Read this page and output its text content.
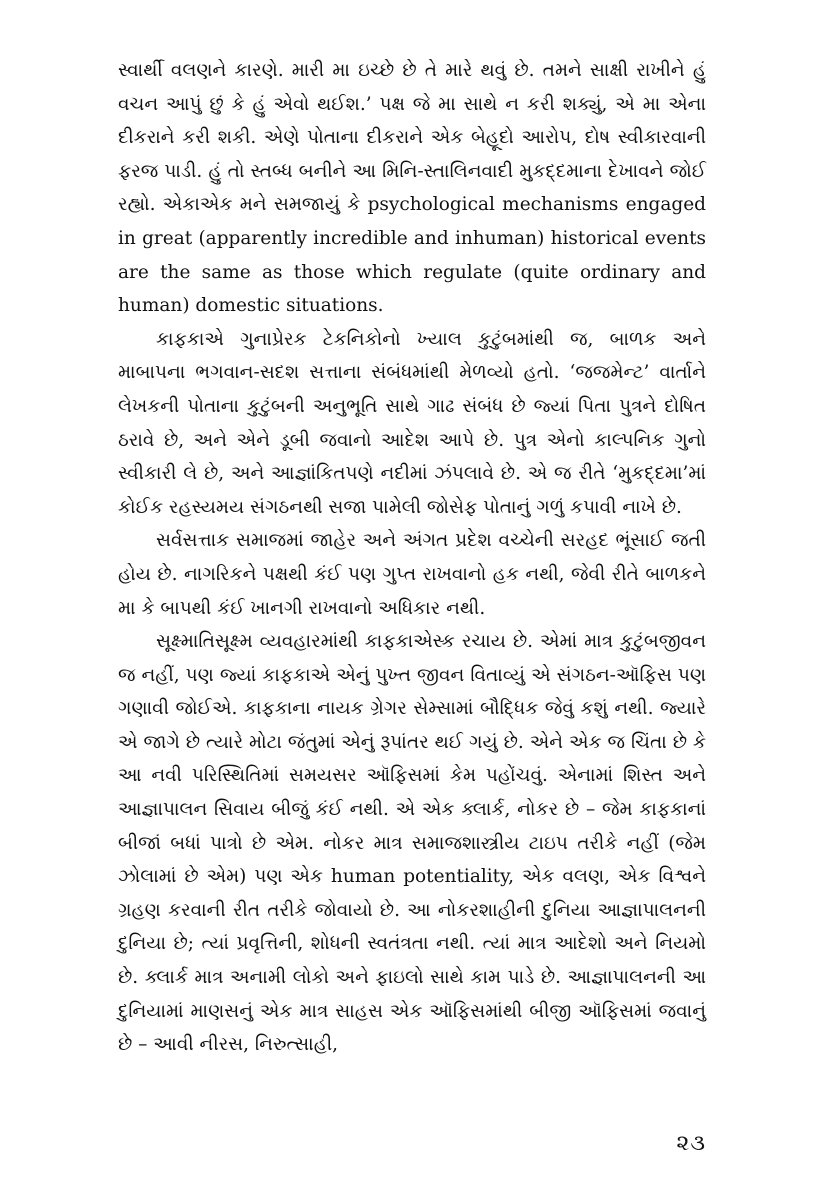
સ્વાર્થી વલણને કારણે. મારી મા ઇચ્છે છે તે મારે થવું છે. તમને સાક્ષી રાખીને હું વચન આપું છું કે હું એવો થઈશ.’ પક્ષ જે મા સાથે ન કરી શક્યું, એ મા એના દીકરાને કરી શકી. એણે પોતાના દીકરાને એક બેહૂદો આરોપ, દોષ સ્વીકારવાની ફરજ પાડી. હું તો સ્તબ્ધ બનીને આ મિનિ-સ્તાલિનવાદી મુકદ્દમાના દેખાવને જોઈ રહ્યો. એકાએક મને સમજાયું કે psychological mechanisms engaged in great (apparently incredible and inhuman) historical events are the same as those which regulate (quite ordinary and human) domestic situations.

કાફકાએ ગુનાપ્રેરક ટેકનિકોનો ખ્યાલ કુટુંબમાંથી જ, બાળક અને માબાપના ભગવાન-સદશ સત્તાના સંબંધમાંથી મેળવ્યો હતો. ‘જજમેન્ટ’ વાર્તાને લેખકની પોતાના કુટુંબની અનુભૂતિ સાથે ગાઢ સંબંધ છે જ્યાં પિતા પુત્રને દોષિત ઠરાવે છે, અને એને ડૂબી જવાનો આદેશ આપે છે. પુત્ર એનો કાલ્પનિક ગુનો સ્વીકારી લે છે, અને આજ્ઞાંકિતપણે નદીમાં ઝંપલાવે છે. એ જ રીતે ‘મુકદ્દમા’માં કોઈક રહસ્યમય સંગઠનથી સજા પામેલી જોસેફ પોતાનું ગળું કપાવી નાખે છે.

સર્વસત્તાક સમાજમાં જાહેર અને અંગત પ્રદેશ વચ્ચેની સરહદ ભૂંસાઈ જતી હોય છે. નાગરિકને પક્ષથી કંઈ પણ ગુપ્ત રાખવાનો હક નથી, જેવી રીતે બાળકને મા કે બાપથી કંઈ ખાનગી રાખવાનો અધિકાર નથી.

સૂક્ષ્માતિસૂક્ષ્મ વ્યવહારમાંથી કાફકાએસ્ક રચાય છે. એમાં માત્ર કુટુંબજીવન જ નહીં, પણ જ્યાં કાફકાએ એનું પુખ્ત જીવન વિતાવ્યું એ સંગઠન-ઑફિસ પણ ગણાવી જોઈએ. કાફકાના નાયક ગ્રેગર સેમ્સામાં બૌદ્ધિક જેવું કશું નથી. જ્યારે એ જાગે છે ત્યારે મોટા જંતુમાં એનું રૂપાંતર થઈ ગયું છે. એને એક જ ચિંતા છે કે આ નવી પરિસ્થિતિમાં સમયસર ઑફિસમાં કેમ પહોંચવું. એનામાં શિસ્ત અને આજ્ઞાપાલન સિવાય બીજું કંઈ નથી. એ એક ક્લાર્ક, નોકર છે – જેમ કાફકાનાં બીજાં બધાં પાત્રો છે એમ. નોકર માત્ર સમાજશાસ્ત્રીય ટાઇપ તરીકે નહીં (જેમ ઝોલામાં છે એમ) પણ એક human potentiality, એક વલણ, એક વિશ્વને ગ્રહણ કરવાની રીત તરીકે જોવાયો છે. આ નોકરશાહીની દુનિયા આજ્ઞાપાલનની દુનિયા છે; ત્યાં પ્રવૃત્તિની, શોધની સ્વતંત્રતા નથી. ત્યાં માત્ર આદેશો અને નિયમો છે. ક્લાર્ક માત્ર અનામી લોકો અને ફાઇલો સાથે કામ પાડે છે. આજ્ઞાપાલનની આ દુનિયામાં માણસનું એક માત્ર સાહસ એક ઑફિસમાંથી બીજી ઑફિસમાં જવાનું છે – આવી નીરસ, નિરુત્સાહી,

૨૩
